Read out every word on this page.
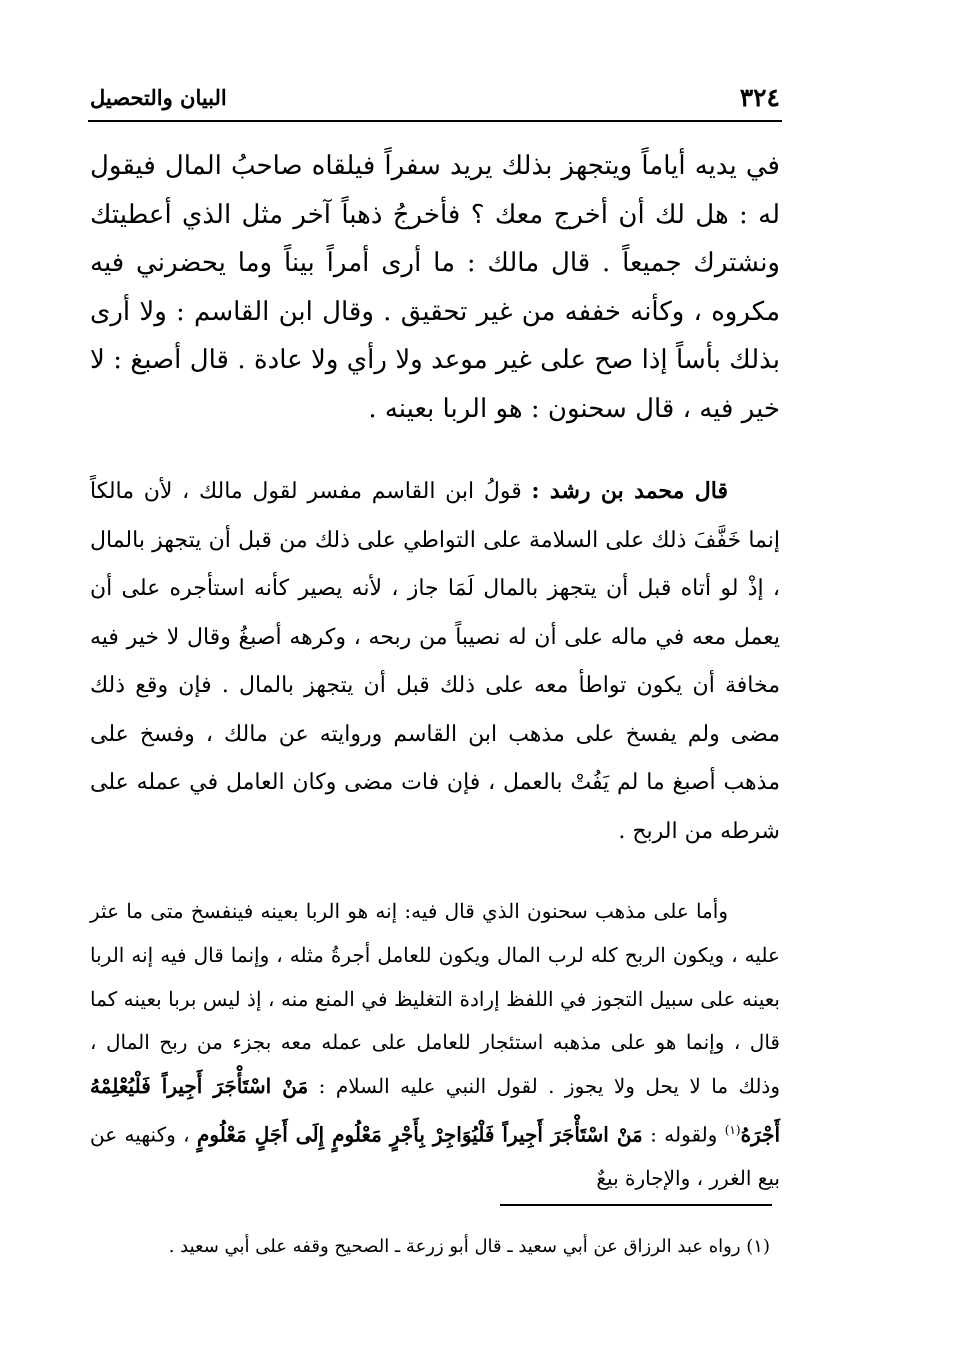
٣٢٤
البيان والتحصيل

في يديه أياماً ويتجهز بذلك يريد سفراً فيلقاه صاحبُ المال فيقول له : هل لك أن أخرج معك ؟ فأخرجُ ذهباً آخر مثل الذي أعطيتك ونشترك جميعاً . قال مالك : ما أرى أمراً بيناً وما يحضرني فيه مكروه ، وكأنه خففه من غير تحقيق . وقال ابن القاسم : ولا أرى بذلك بأساً إذا صح على غير موعد ولا رأي ولا عادة . قال أصبغ : لا خير فيه ، قال سحنون : هو الربا بعينه .

قال محمد بن رشد : قولُ ابن القاسم مفسر لقول مالك ، لأن مالكاً إنما خَفَّفَ ذلك على السلامة على التواطي على ذلك من قبل أن يتجهز بالمال ، إذْ لو أتاه قبل أن يتجهز بالمال لَمَا جاز ، لأنه يصير كأنه استأجره على أن يعمل معه في ماله على أن له نصيباً من ربحه ، وكرهه أصبغُ وقال لا خير فيه مخافة أن يكون تواطأ معه على ذلك قبل أن يتجهز بالمال . فإن وقع ذلك مضى ولم يفسخ على مذهب ابن القاسم وروايته عن مالك ، وفسخ على مذهب أصبغ ما لم يَفُتْ بالعمل ، فإن فات مضى وكان العامل في عمله على شرطه من الربح .

وأما على مذهب سحنون الذي قال فيه: إنه هو الربا بعينه فينفسخ متى ما عثر عليه ، ويكون الربح كله لرب المال ويكون للعامل أجرةُ مثله ، وإنما قال فيه إنه الربا بعينه على سبيل التجوز في اللفظ إرادة التغليظ في المنع منه ، إذ ليس بربا بعينه كما قال ، وإنما هو على مذهبه استئجار للعامل على عمله معه بجزء من ربح المال ، وذلك ما لا يحل ولا يجوز . لقول النبي عليه السلام : مَنْ اسْتَأْجَرَ أَجِيراً فَلْيُعْلِمْهُ أَجْرَهُ$^{(١)}$ ولقوله : مَنْ اسْتَأْجَرَ أَجِيراً فَلْيُوَاجِرْ بِأَجْرٍ مَعْلُومٍ إِلَى أَجَلٍ مَعْلُومٍ ، وكنهيه عن بيع الغرر ، والإجارة بيعٌ

(١) رواه عبد الرزاق عن أبي سعيد ـ قال أبو زرعة ـ الصحيح وقفه على أبي سعيد .
